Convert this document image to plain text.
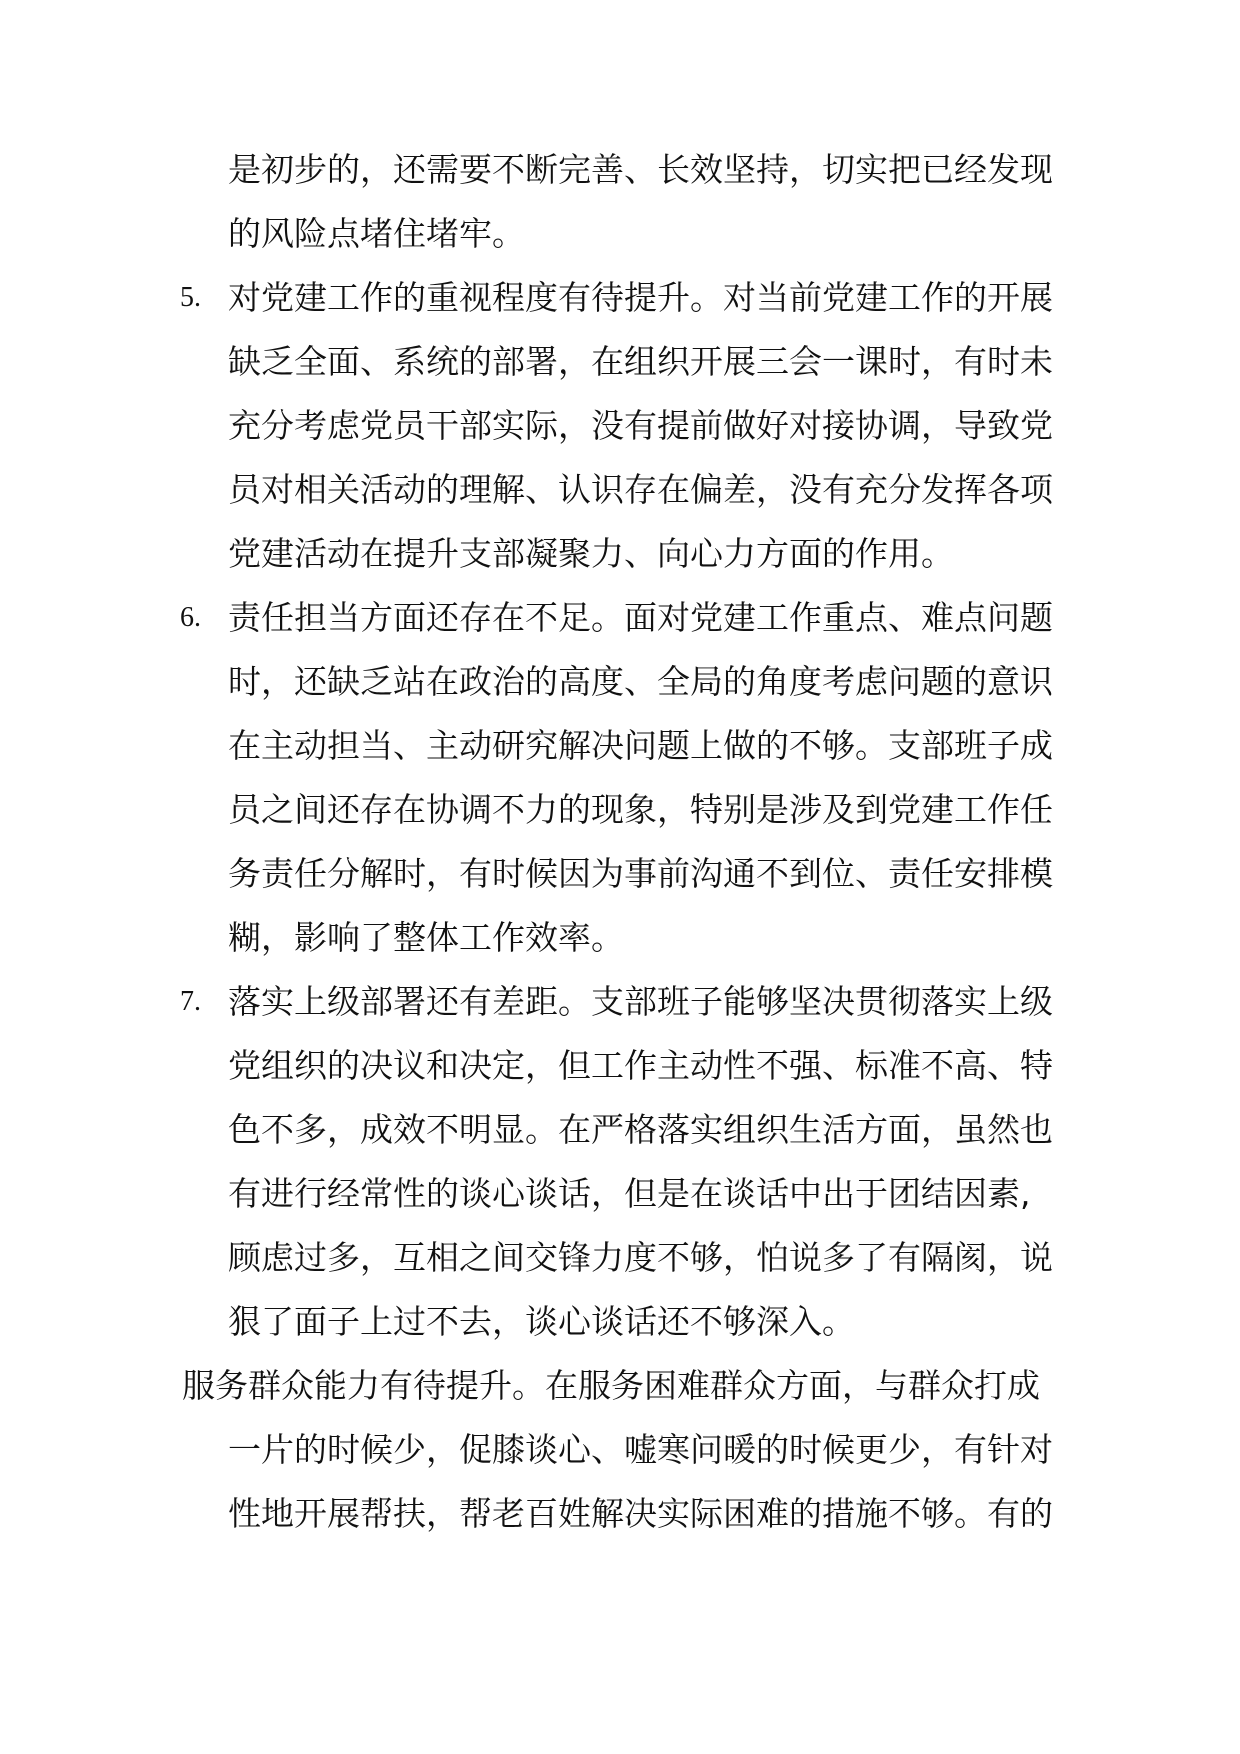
是初步的，还需要不断完善、长效坚持，切实把已经发现
的风险点堵住堵牢。
5. 对党建工作的重视程度有待提升。对当前党建工作的开展
缺乏全面、系统的部署，在组织开展三会一课时，有时未
充分考虑党员干部实际，没有提前做好对接协调，导致党
员对相关活动的理解、认识存在偏差，没有充分发挥各项
党建活动在提升支部凝聚力、向心力方面的作用。
6. 责任担当方面还存在不足。面对党建工作重点、难点问题
时，还缺乏站在政治的高度、全局的角度考虑问题的意识
在主动担当、主动研究解决问题上做的不够。支部班子成
员之间还存在协调不力的现象，特别是涉及到党建工作任
务责任分解时，有时候因为事前沟通不到位、责任安排模
糊，影响了整体工作效率。
7. 落实上级部署还有差距。支部班子能够坚决贯彻落实上级
党组织的决议和决定，但工作主动性不强、标准不高、特
色不多，成效不明显。在严格落实组织生活方面，虽然也
有进行经常性的谈心谈话，但是在谈话中出于团结因素,
顾虑过多，互相之间交锋力度不够，怕说多了有隔阂，说
狠了面子上过不去，谈心谈话还不够深入。
服务群众能力有待提升。在服务困难群众方面，与群众打成
一片的时候少，促膝谈心、嘘寒问暖的时候更少，有针对
性地开展帮扶，帮老百姓解决实际困难的措施不够。有的
